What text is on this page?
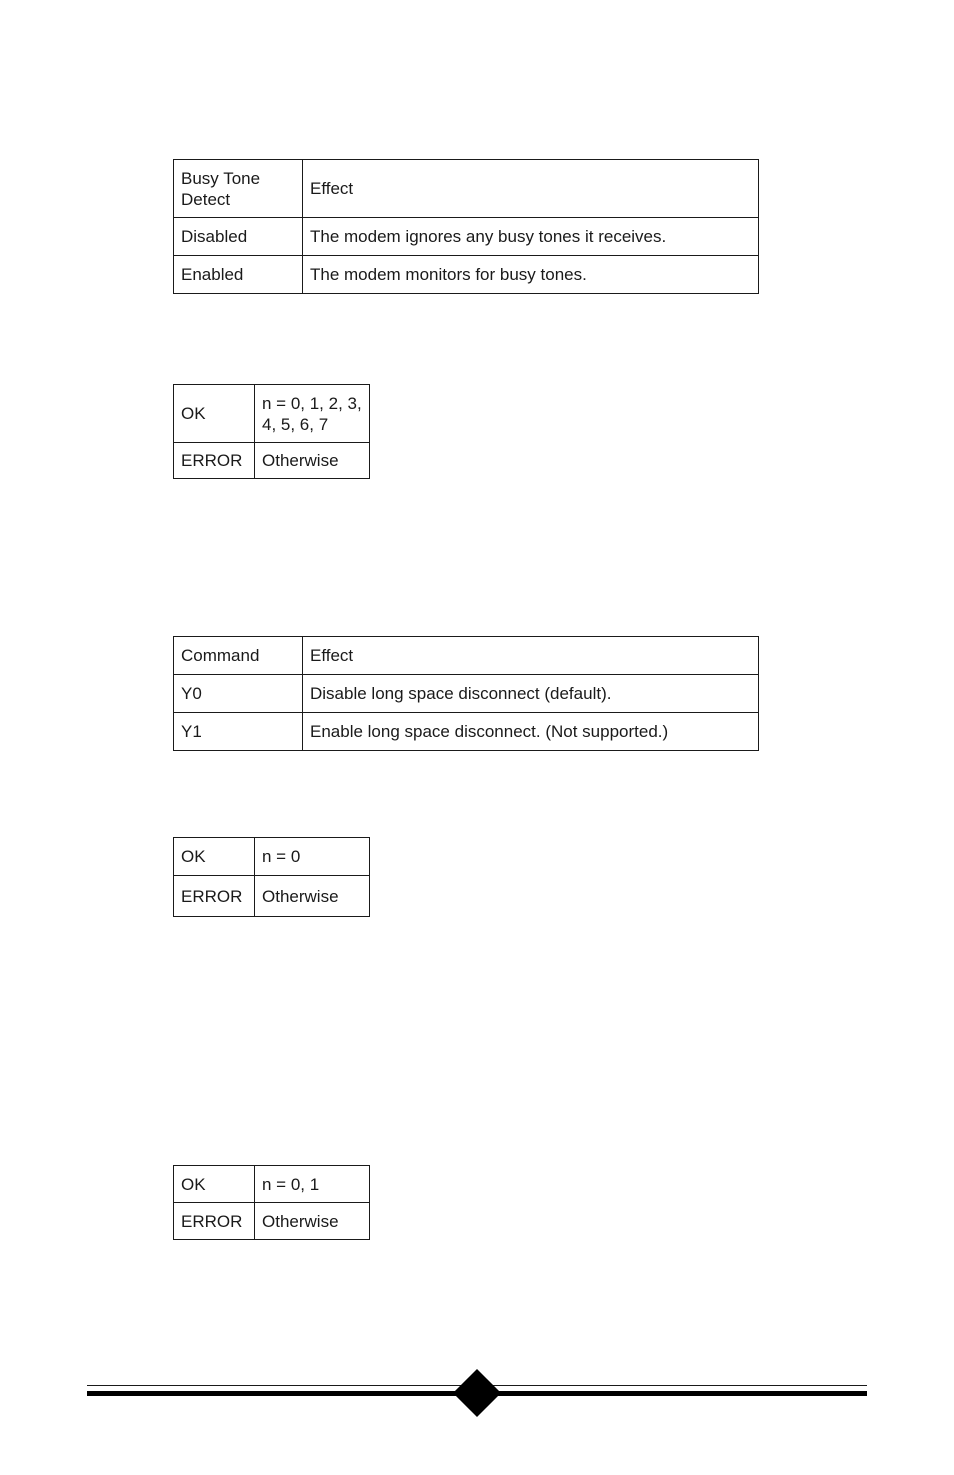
Busy Tone Detect	Effect
Disabled	The modem ignores any busy tones it receives.
Enabled	The modem monitors for busy tones.
OK	n = 0, 1, 2, 3, 4, 5, 6, 7
ERROR	Otherwise
Command	Effect
Y0	Disable long space disconnect (default).
Y1	Enable long space disconnect. (Not supported.)
OK	n = 0
ERROR	Otherwise
OK	n = 0, 1
ERROR	Otherwise
